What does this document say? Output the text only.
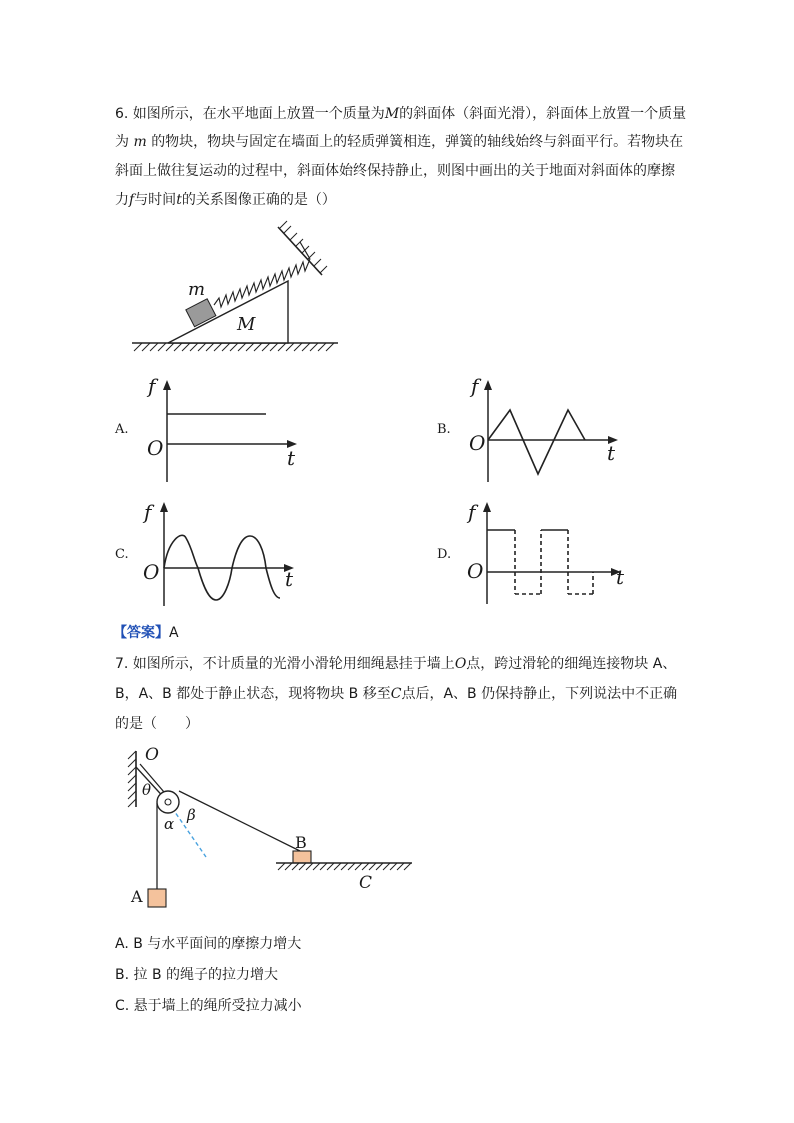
6. 如图所示，在水平地面上放置一个质量为M的斜面体（斜面光滑），斜面体上放置一个质量
为 m 的物块，物块与固定在墙面上的轻质弹簧相连，弹簧的轴线始终与斜面平行。若物块在
斜面上做往复运动的过程中，斜面体始终保持静止，则图中画出的关于地面对斜面体的摩擦
力f与时间t的关系图像正确的是（）
m
M
A.
f
O	t
B.
f
O	t
C.
f
O	t
D.
f
O	t
【答案】A
7. 如图所示，不计质量的光滑小滑轮用细绳悬挂于墙上O点，跨过滑轮的细绳连接物块 A、
B，A、B 都处于静止状态，现将物块 B 移至C点后，A、B 仍保持静止，下列说法中不正确
的是（　　）
O
θ
α β
A
B
C
A. B 与水平面间的摩擦力增大
B. 拉 B 的绳子的拉力增大
C. 悬于墙上的绳所受拉力减小
